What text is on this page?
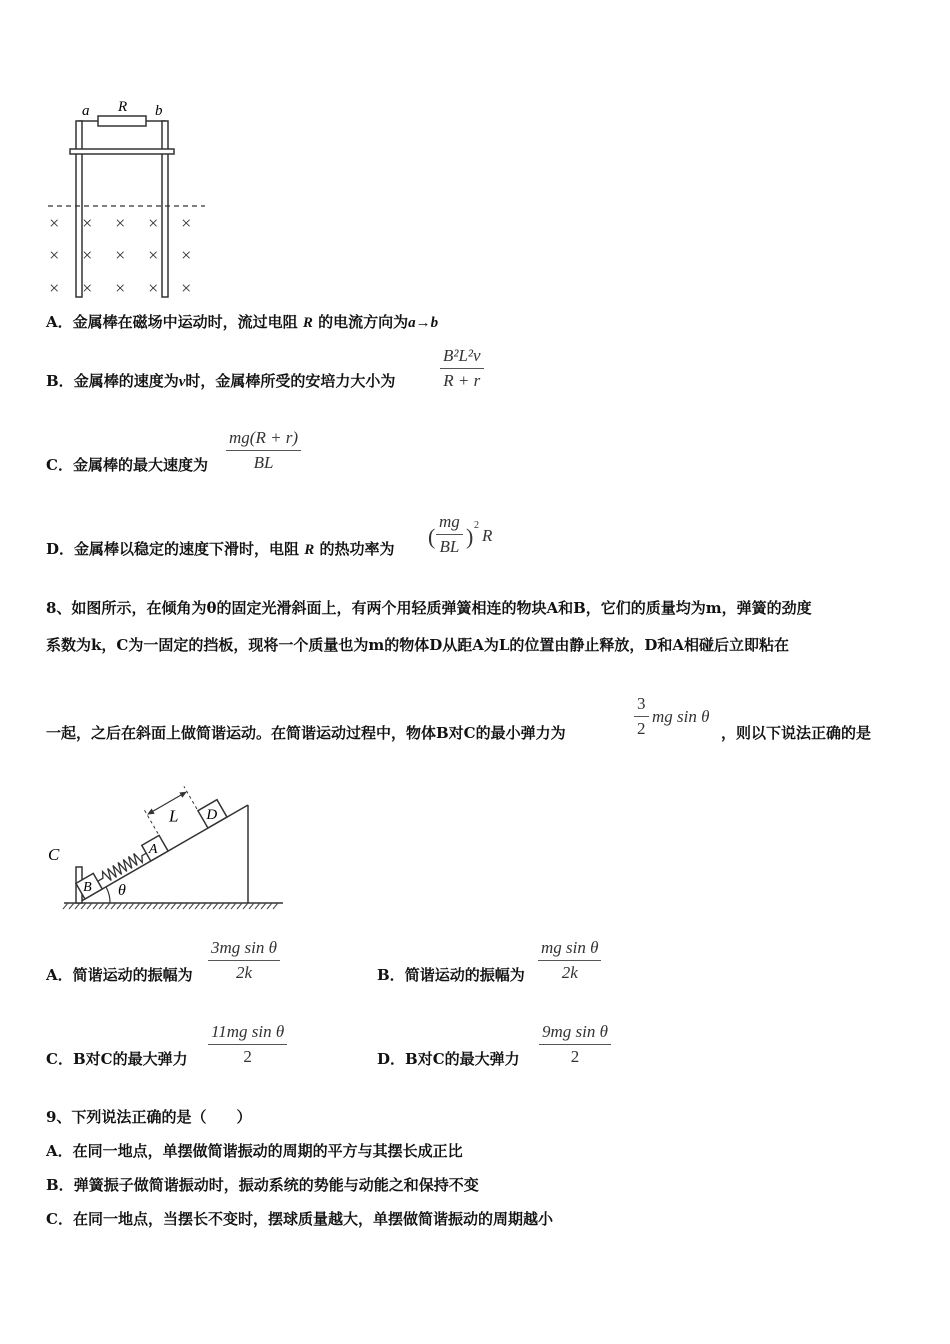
a R b
× × × × ×
× × × × ×
× × × × ×
A．金属棒在磁场中运动时，流过电阻 R 的电流方向为a→b
B．金属棒的速度为v时，金属棒所受的安培力大小为
B²L²v
R + r
C．金属棒的最大速度为
mg(R + r)
BL
D．金属棒以稳定的速度下滑时，电阻 R 的热功率为 (
mg
BL ) 2
R
8、如图所示，在倾角为θ的固定光滑斜面上，有两个用轻质弹簧相连的物块A和B，它们的质量均为m，弹簧的劲度
系数为k，C为一固定的挡板，现将一个质量也为m的物体D从距A为L的位置由静止释放，D和A相碰后立即粘在
一起，之后在斜面上做简谐运动。在简谐运动过程中，物体B对C的最小弹力为
3
2
mg sin θ
，则以下说法正确的是
C
B
A
D
L
θ
A．简谐运动的振幅为
3mg sin θ
2k	B．简谐运动的振幅为
mg sin θ
2k
C．B对C的最大弹力
11mg sin θ
2	D．B对C的最大弹力
9mg sin θ
2
9、下列说法正确的是（　　）
A．在同一地点，单摆做简谐振动的周期的平方与其摆长成正比
B．弹簧振子做简谐振动时，振动系统的势能与动能之和保持不变
C．在同一地点，当摆长不变时，摆球质量越大，单摆做简谐振动的周期越小
